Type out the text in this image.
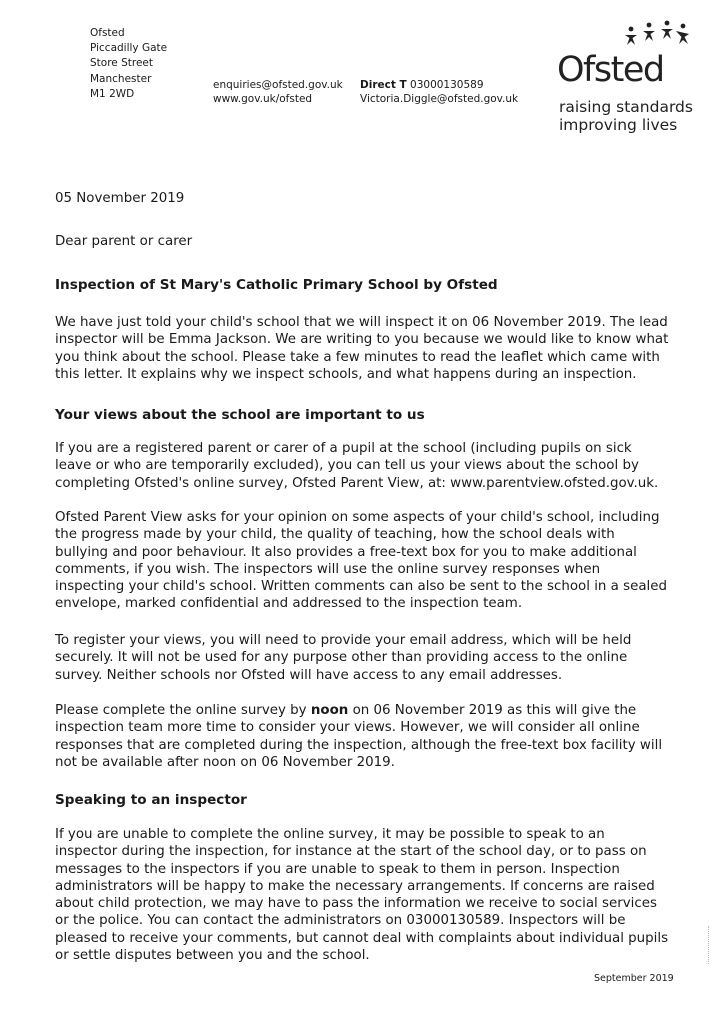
Ofsted
Piccadilly Gate
Store Street
Manchester
M1 2WD
enquiries@ofsted.gov.uk
www.gov.uk/ofsted
Direct T 03000130589
Victoria.Diggle@ofsted.gov.uk
Ofsted
raising standards
improving lives
05 November 2019
Dear parent or carer
Inspection of St Mary's Catholic Primary School by Ofsted
We have just told your child's school that we will inspect it on 06 November 2019. The lead inspector will be Emma Jackson. We are writing to you because we would like to know what you think about the school. Please take a few minutes to read the leaflet which came with this letter. It explains why we inspect schools, and what happens during an inspection.
Your views about the school are important to us
If you are a registered parent or carer of a pupil at the school (including pupils on sick leave or who are temporarily excluded), you can tell us your views about the school by completing Ofsted's online survey, Ofsted Parent View, at: www.parentview.ofsted.gov.uk.
Ofsted Parent View asks for your opinion on some aspects of your child's school, including the progress made by your child, the quality of teaching, how the school deals with bullying and poor behaviour. It also provides a free-text box for you to make additional comments, if you wish. The inspectors will use the online survey responses when inspecting your child's school. Written comments can also be sent to the school in a sealed envelope, marked confidential and addressed to the inspection team.
To register your views, you will need to provide your email address, which will be held securely. It will not be used for any purpose other than providing access to the online survey. Neither schools nor Ofsted will have access to any email addresses.
Please complete the online survey by noon on 06 November 2019 as this will give the inspection team more time to consider your views. However, we will consider all online responses that are completed during the inspection, although the free-text box facility will not be available after noon on 06 November 2019.
Speaking to an inspector
If you are unable to complete the online survey, it may be possible to speak to an inspector during the inspection, for instance at the start of the school day, or to pass on messages to the inspectors if you are unable to speak to them in person. Inspection administrators will be happy to make the necessary arrangements. If concerns are raised about child protection, we may have to pass the information we receive to social services or the police. You can contact the administrators on 03000130589. Inspectors will be pleased to receive your comments, but cannot deal with complaints about individual pupils or settle disputes between you and the school.
September 2019
